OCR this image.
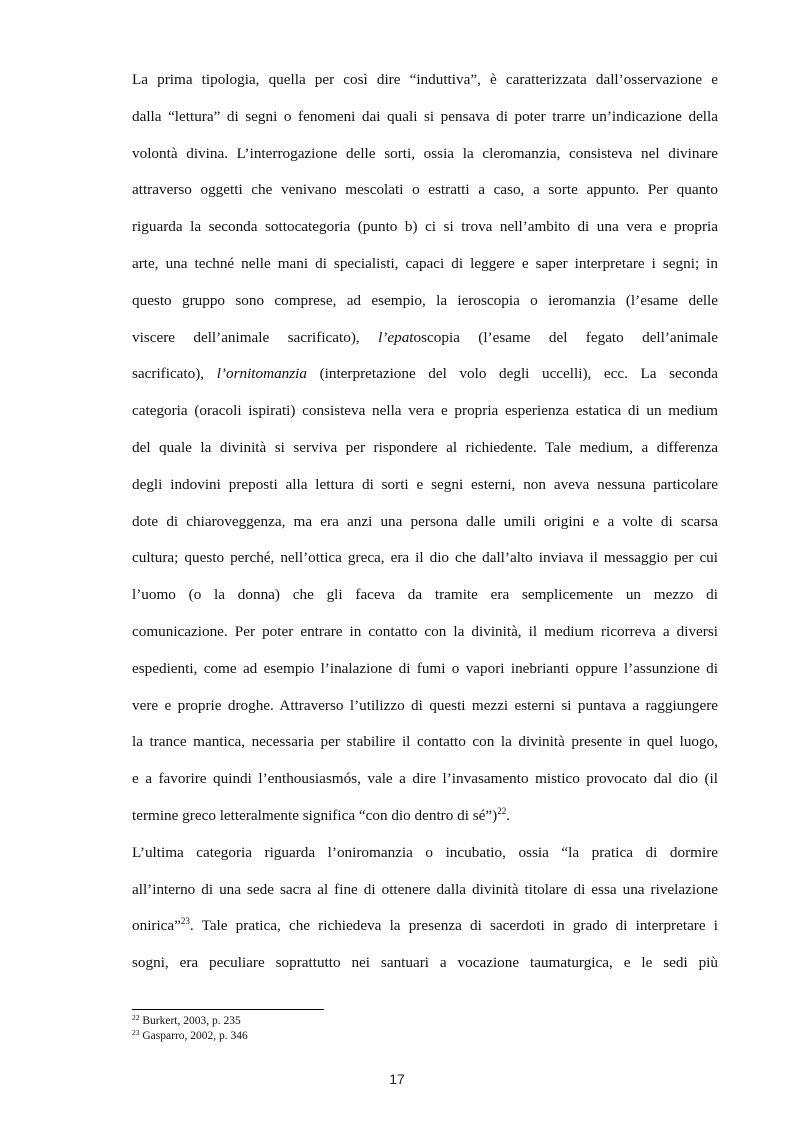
La prima tipologia, quella per così dire “induttiva”, è caratterizzata dall’osservazione e
dalla “lettura” di segni o fenomeni dai quali si pensava di poter trarre un’indicazione della
volontà divina. L’interrogazione delle sorti, ossia la cleromanzia, consisteva nel divinare
attraverso oggetti che venivano mescolati o estratti a caso, a sorte appunto. Per quanto
riguarda la seconda sottocategoria (punto b) ci si trova nell’ambito di una vera e propria
arte, una techné nelle mani di specialisti, capaci di leggere e saper interpretare i segni; in
questo gruppo sono comprese, ad esempio, la ieroscopia o ieromanzia (l’esame delle
viscere dell’animale sacrificato), l’epatoscopia (l’esame del fegato dell’animale
sacrificato), l’ornitomanzia (interpretazione del volo degli uccelli), ecc. La seconda
categoria (oracoli ispirati) consisteva nella vera e propria esperienza estatica di un medium
del quale la divinità si serviva per rispondere al richiedente. Tale medium, a differenza
degli indovini preposti alla lettura di sorti e segni esterni, non aveva nessuna particolare
dote di chiaroveggenza, ma era anzi una persona dalle umili origini e a volte di scarsa
cultura; questo perché, nell’ottica greca, era il dio che dall’alto inviava il messaggio per cui
l’uomo (o la donna) che gli faceva da tramite era semplicemente un mezzo di
comunicazione. Per poter entrare in contatto con la divinità, il medium ricorreva a diversi
espedienti, come ad esempio l’inalazione di fumi o vapori inebrianti oppure l’assunzione di
vere e proprie droghe. Attraverso l’utilizzo di questi mezzi esterni si puntava a raggiungere
la trance mantica, necessaria per stabilire il contatto con la divinità presente in quel luogo,
e a favorire quindi l’enthousiasmós, vale a dire l’invasamento mistico provocato dal dio (il
termine greco letteralmente significa “con dio dentro di sé”)$^{22}$.
L’ultima categoria riguarda l’oniromanzia o incubatio, ossia “la pratica di dormire
all’interno di una sede sacra al fine di ottenere dalla divinità titolare di essa una rivelazione
onirica”$^{23}$. Tale pratica, che richiedeva la presenza di sacerdoti in grado di interpretare i
sogni, era peculiare soprattutto nei santuari a vocazione taumaturgica, e le sedi più
$^{22}$ Burkert, 2003, p. 235
$^{23}$ Gasparro, 2002, p. 346
17
